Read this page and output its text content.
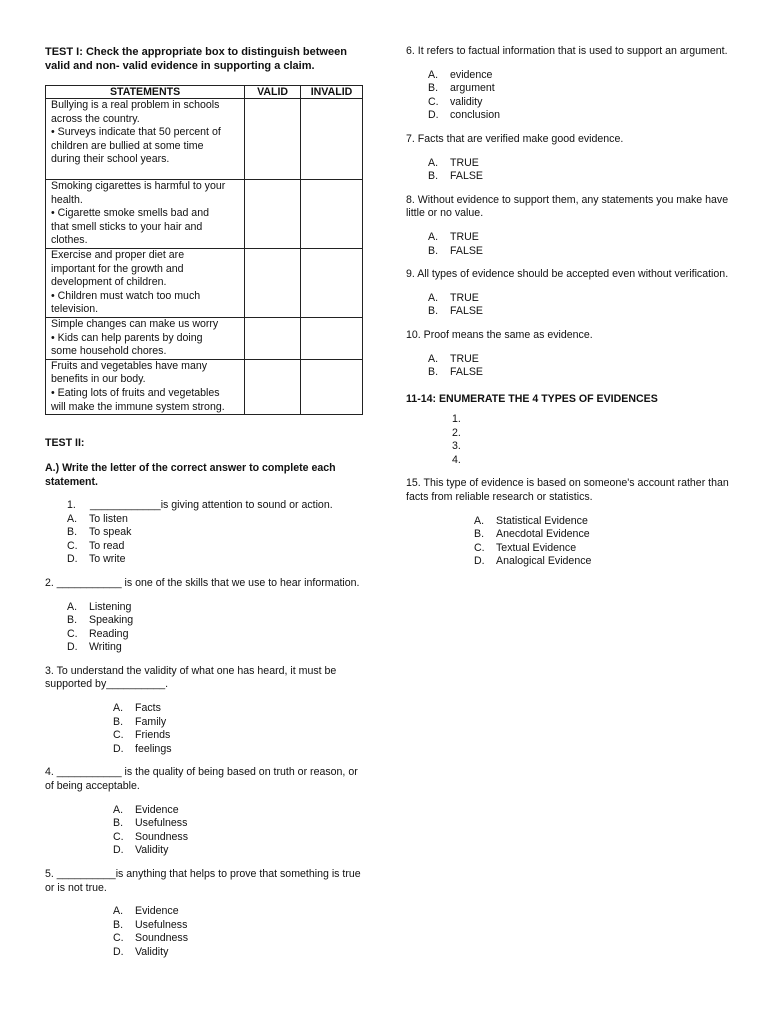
TEST I: Check the appropriate box to distinguish between valid and non- valid evidence in supporting a claim.
STATEMENTS	VALID	INVALID

Bullying is a real problem in schools
across the country.
• Surveys indicate that 50 percent of
children are bullied at some time
during their school years.		

Smoking cigarettes is harmful to your
health.
• Cigarette smoke smells bad and
that smell sticks to your hair and
clothes.		

Exercise and proper diet are
important for the growth and
development of children.
• Children must watch too much
television.		

Simple changes can make us worry
• Kids can help parents by doing
some household chores.		

Fruits and vegetables have many
benefits in our body.
• Eating lots of fruits and vegetables
will make the immune system strong.		

TEST II:
A.) Write the letter of the correct answer to complete each statement.
1.	____________is giving attention to sound or action.
A.	To listen
B.	To speak
C.	To read
D.	To write

2. ___________ is one of the skills that we use to hear information.

A.	Listening
B.	Speaking
C.	Reading
D.	Writing

3. To understand the validity of what one has heard, it must be supported by__________.

A.	Facts
B.	Family
C.	Friends
D.	feelings

4. ___________ is the quality of being based on truth or reason, or of being acceptable.

A.	Evidence
B.	Usefulness
C.	Soundness
D.	Validity

5. __________is anything that helps to prove that something is true or is not true.

A.	Evidence
B.	Usefulness
C.	Soundness
D.	Validity

6. It refers to factual information that is used to support an argument.

A.	evidence
B.	argument
C.	validity
D.	conclusion

7. Facts that are verified make good evidence.

A.	TRUE
B.	FALSE

8. Without evidence to support them, any statements you make have little or no value.

A.	TRUE
B.	FALSE

9. All types of evidence should be accepted even without verification.

A.	TRUE
B.	FALSE

10. Proof means the same as evidence.

A.	TRUE
B.	FALSE
11-14: ENUMERATE THE 4 TYPES OF EVIDENCES
1.
2.
3.
4.

15. This type of evidence is based on someone's account rather than facts from reliable research or statistics.

A.	Statistical Evidence
B.	Anecdotal Evidence
C.	Textual Evidence
D.	Analogical Evidence
